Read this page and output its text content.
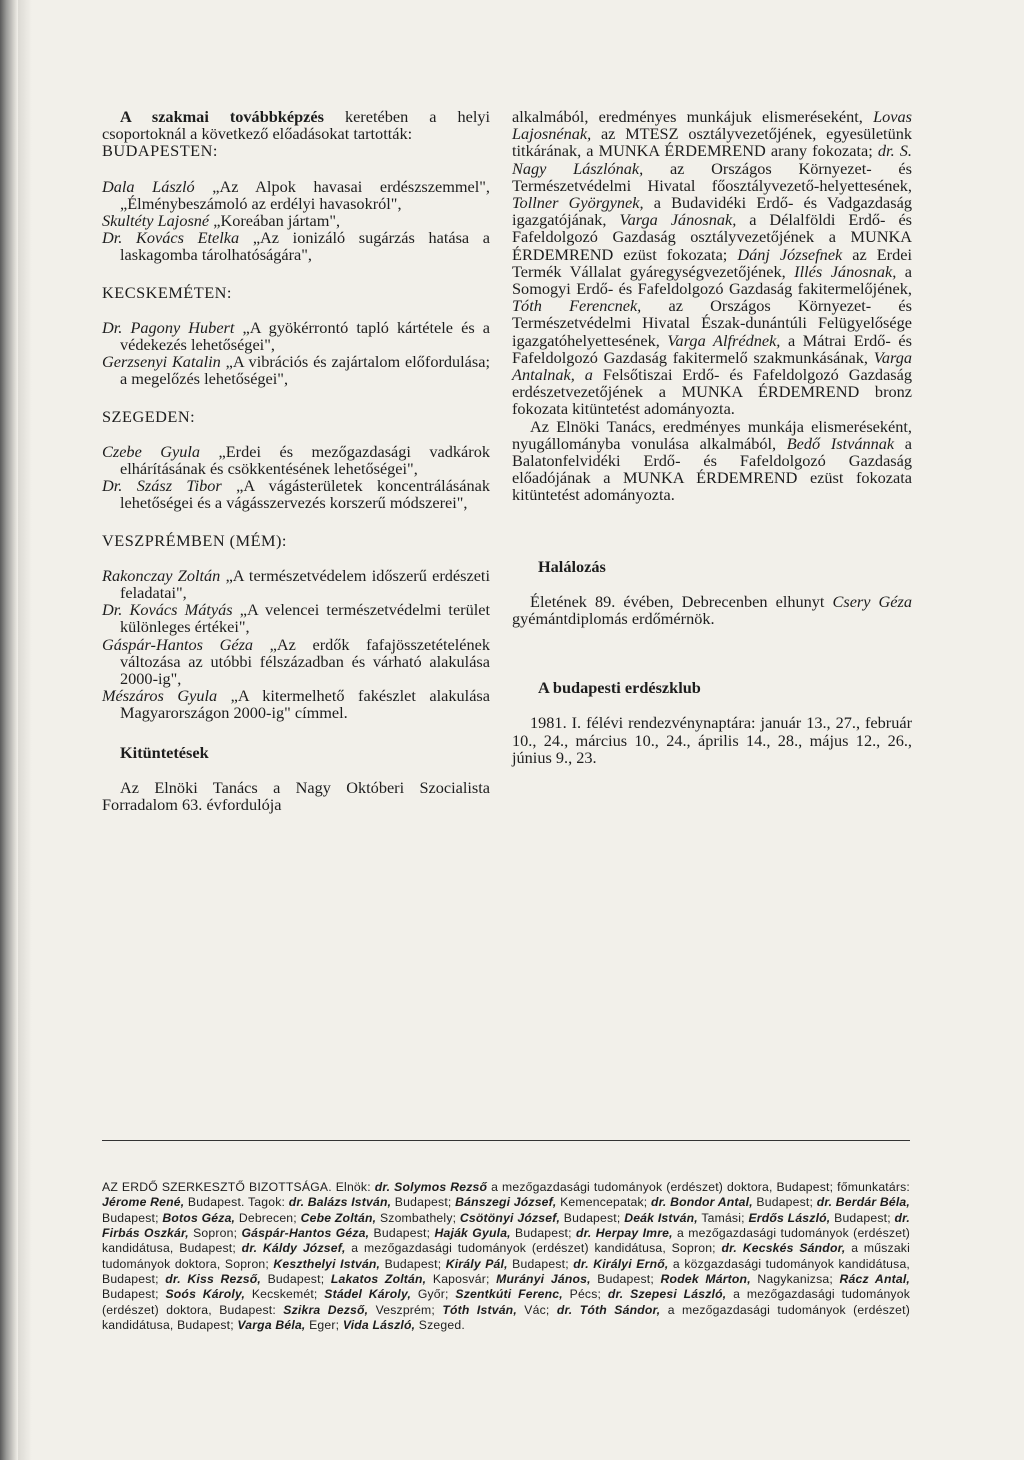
A szakmai továbbképzés keretében a helyi csoportoknál a következő előadásokat tartották:

BUDAPESTEN:

Dala László „Az Alpok havasai erdészszemmel", „Élménybeszámoló az erdélyi havasokról",

Skultéty Lajosné „Koreában jártam",

Dr. Kovács Etelka „Az ionizáló sugárzás hatása a laskagomba tárolhatóságára",

KECSKEMÉTEN:

Dr. Pagony Hubert „A gyökérrontó tapló kártétele és a védekezés lehetőségei",

Gerzsenyi Katalin „A vibrációs és zajártalom előfordulása; a megelőzés lehetőségei",

SZEGEDEN:

Czebe Gyula „Erdei és mezőgazdasági vadkárok elhárításának és csökkentésének lehetőségei",

Dr. Szász Tibor „A vágásterületek koncentrálásának lehetőségei és a vágásszervezés korszerű módszerei",

VESZPRÉMBEN (MÉM):

Rakonczay Zoltán „A természetvédelem időszerű erdészeti feladatai",

Dr. Kovács Mátyás „A velencei természetvédelmi terület különleges értékei",

Gáspár-Hantos Géza „Az erdők fafajösszetételének változása az utóbbi félszázadban és várható alakulása 2000-ig",

Mészáros Gyula „A kitermelhető fakészlet alakulása Magyarországon 2000-ig" címmel.

Kitüntetések

Az Elnöki Tanács a Nagy Októberi Szocialista Forradalom 63. évfordulója

alkalmából, eredményes munkájuk elismeréseként, Lovas Lajosnénak, az MTESZ osztályvezetőjének, egyesületünk titkárának, a MUNKA ÉRDEMREND arany fokozata; dr. S. Nagy Lászlónak, az Országos Környezet- és Természetvédelmi Hivatal főosztályvezető-helyettesének, Tollner Györgynek, a Budavidéki Erdő- és Vadgazdaság igazgatójának, Varga Jánosnak, a Délalföldi Erdő- és Fafeldolgozó Gazdaság osztályvezetőjének a MUNKA ÉRDEMREND ezüst fokozata; Dánj Józsefnek az Erdei Termék Vállalat gyáregységvezetőjének, Illés Jánosnak, a Somogyi Erdő- és Fafeldolgozó Gazdaság fakitermelőjének, Tóth Ferencnek, az Országos Környezet- és Természetvédelmi Hivatal Észak-dunántúli Felügyelősége igazgatóhelyettesének, Varga Alfrédnek, a Mátrai Erdő- és Fafeldolgozó Gazdaság fakitermelő szakmunkásának, Varga Antalnak, a Felsőtiszai Erdő- és Fafeldolgozó Gazdaság erdészetvezetőjének a MUNKA ÉRDEMREND bronz fokozata kitüntetést adományozta.

Az Elnöki Tanács, eredményes munkája elismeréseként, nyugállományba vonulása alkalmából, Bedő Istvánnak a Balatonfelvidéki Erdő- és Fafeldolgozó Gazdaság előadójának a MUNKA ÉRDEMREND ezüst fokozata kitüntetést adományozta.

Halálozás

Életének 89. évében, Debrecenben elhunyt Csery Géza gyémántdiplomás erdőmérnök.

A budapesti erdészklub

1981. I. félévi rendezvénynaptára: január 13., 27., február 10., 24., március 10., 24., április 14., 28., május 12., 26., június 9., 23.

AZ ERDŐ SZERKESZTŐ BIZOTTSÁGA. Elnök: dr. Solymos Rezső a mezőgazdasági tudományok (erdészet) doktora, Budapest; főmunkatárs: Jérome René, Budapest. Tagok: dr. Balázs István, Budapest; Bánszegi József, Kemencepatak; dr. Bondor Antal, Budapest; dr. Berdár Béla, Budapest; Botos Géza, Debrecen; Cebe Zoltán, Szombathely; Csötönyi József, Budapest; Deák István, Tamási; Erdős László, Budapest; dr. Firbás Oszkár, Sopron; Gáspár-Hantos Géza, Budapest; Haják Gyula, Budapest; dr. Herpay Imre, a mezőgazdasági tudományok (erdészet) kandidátusa, Budapest; dr. Káldy József, a mezőgazdasági tudományok (erdészet) kandidátusa, Sopron; dr. Kecskés Sándor, a műszaki tudományok doktora, Sopron; Keszthelyi István, Budapest; Király Pál, Budapest; dr. Királyi Ernő, a közgazdasági tudományok kandidátusa, Budapest; dr. Kiss Rezső, Budapest; Lakatos Zoltán, Kaposvár; Murányi János, Budapest; Rodek Márton, Nagykanizsa; Rácz Antal, Budapest; Soós Károly, Kecskemét; Stádel Károly, Győr; Szentkúti Ferenc, Pécs; dr. Szepesi László, a mezőgazdasági tudományok (erdészet) doktora, Budapest: Szikra Dezső, Veszprém; Tóth István, Vác; dr. Tóth Sándor, a mezőgazdasági tudományok (erdészet) kandidátusa, Budapest; Varga Béla, Eger; Vida László, Szeged.
